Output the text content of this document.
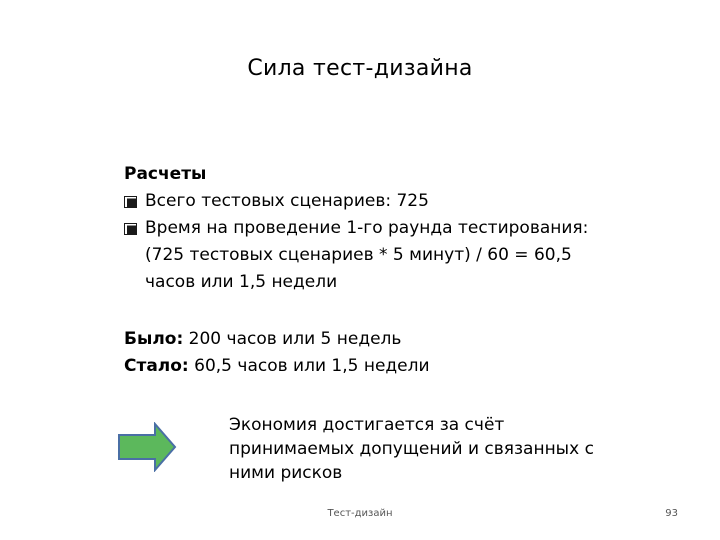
Сила тест-дизайна
Расчеты
Всего тестовых сценариев: 725
Время на проведение 1-го раунда тестирования: (725 тестовых сценариев * 5 минут) / 60 = 60,5 часов или 1,5 недели
Было: 200 часов или 5 недель
Стало: 60,5 часов или 1,5 недели
Экономия достигается за счёт принимаемых допущений и связанных с ними рисков
Тест-дизайн	93
